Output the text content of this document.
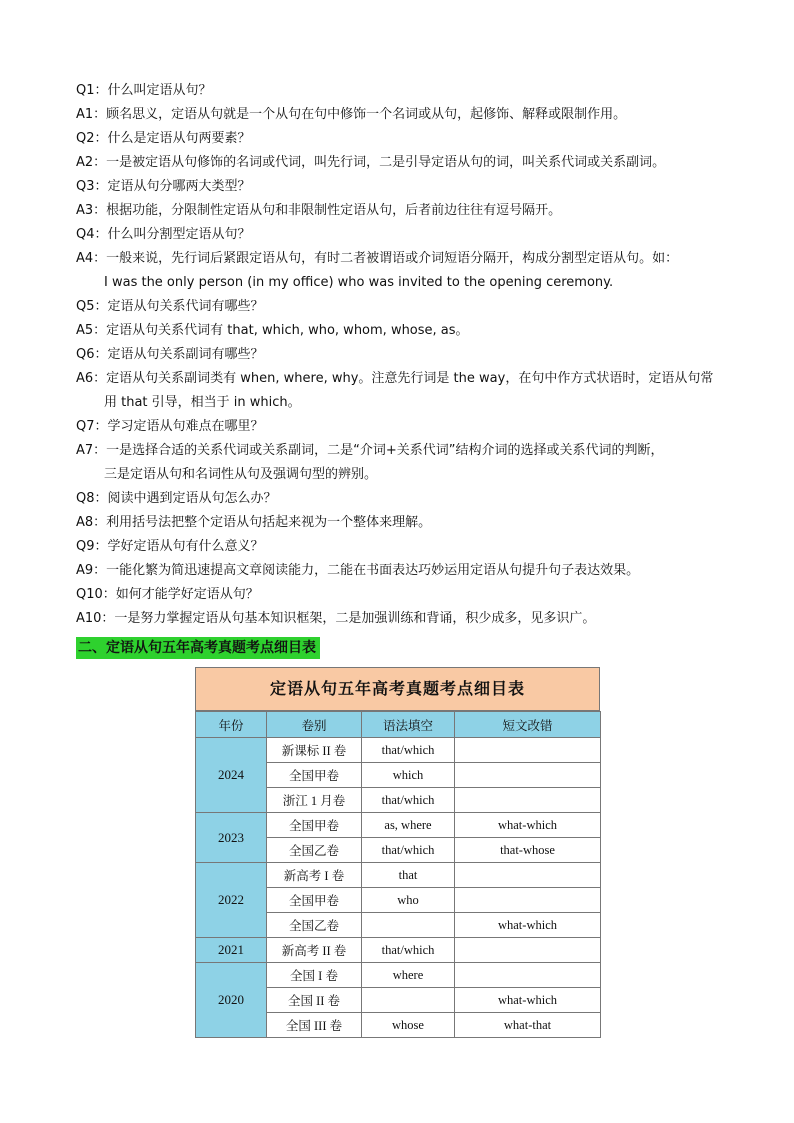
Q1：什么叫定语从句？
A1：顾名思义，定语从句就是一个从句在句中修饰一个名词或从句，起修饰、解释或限制作用。
Q2：什么是定语从句两要素？
A2：一是被定语从句修饰的名词或代词，叫先行词，二是引导定语从句的词，叫关系代词或关系副词。
Q3：定语从句分哪两大类型？
A3：根据功能，分限制性定语从句和非限制性定语从句，后者前边往往有逗号隔开。
Q4：什么叫分割型定语从句？
A4：一般来说，先行词后紧跟定语从句，有时二者被谓语或介词短语分隔开，构成分割型定语从句。如：
I was the only person (in my office) who was invited to the opening ceremony.
Q5：定语从句关系代词有哪些？
A5：定语从句关系代词有 that, which, who, whom, whose, as。
Q6：定语从句关系副词有哪些？
A6：定语从句关系副词类有 when, where, why。注意先行词是 the way，在句中作方式状语时，定语从句常
用 that 引导，相当于 in which。
Q7：学习定语从句难点在哪里？
A7：一是选择合适的关系代词或关系副词，二是“介词+关系代词”结构介词的选择或关系代词的判断，
三是定语从句和名词性从句及强调句型的辨别。
Q8：阅读中遇到定语从句怎么办？
A8：利用括号法把整个定语从句括起来视为一个整体来理解。
Q9：学好定语从句有什么意义？
A9：一能化繁为简迅速提高文章阅读能力，二能在书面表达巧妙运用定语从句提升句子表达效果。
Q10：如何才能学好定语从句？
A10：一是努力掌握定语从句基本知识框架，二是加强训练和背诵，积少成多，见多识广。
二、定语从句五年高考真题考点细目表
定语从句五年高考真题考点细目表
年份	卷别	语法填空	短文改错
2024	新课标 II 卷	that/which	
	全国甲卷	which	
	浙江 1 月卷	that/which	
2023	全国甲卷	as, where	what-which
	全国乙卷	that/which	that-whose
2022	新高考 I 卷	that	
	全国甲卷	who	
	全国乙卷		what-which
2021	新高考 II 卷	that/which	
2020	全国 I 卷	where	
	全国 II 卷		what-which
	全国 III 卷	whose	what-that
